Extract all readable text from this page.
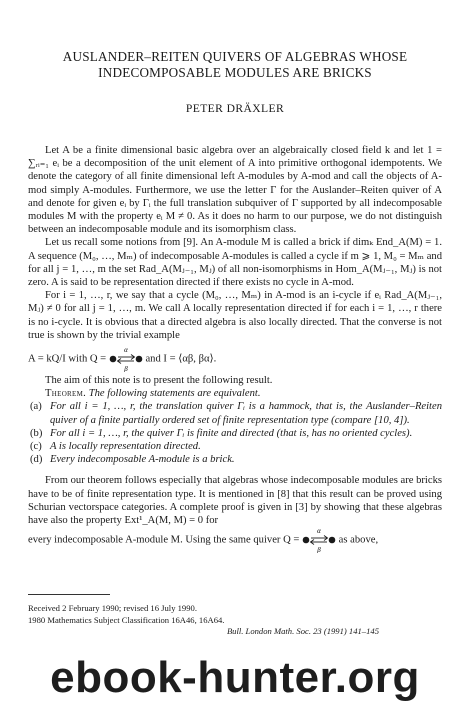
AUSLANDER–REITEN QUIVERS OF ALGEBRAS WHOSE
INDECOMPOSABLE MODULES ARE BRICKS
PETER DRÄXLER

Let A be a finite dimensional basic algebra over an algebraically closed field k and let 1 = ∑ᵣᵢ₌₁ eᵢ be a decomposition of the unit element of A into primitive orthogonal idempotents. We denote the category of all finite dimensional left A-modules by A-mod and call the objects of A-mod simply A-modules. Furthermore, we use the letter Γ for the Auslander–Reiten quiver of A and denote for given eᵢ by Γᵢ the full translation subquiver of Γ supported by all indecomposable modules M with the property eᵢ M ≠ 0. As it does no harm to our purpose, we do not distinguish between an indecomposable module and its isomorphism class.

Let us recall some notions from [9]. An A-module M is called a brick if dimₖ End_A(M) = 1. A sequence (M₀, …, Mₘ) of indecomposable A-modules is called a cycle if m ⩾ 1, M₀ = Mₘ and for all j = 1, …, m the set Rad_A(Mⱼ₋₁, Mⱼ) of all non-isomorphisms in Hom_A(Mⱼ₋₁, Mⱼ) is not zero. A is said to be representation directed if there exists no cycle in A-mod.

For i = 1, …, r, we say that a cycle (M₀, …, Mₘ) in A-mod is an i-cycle if eᵢ Rad_A(Mⱼ₋₁, Mⱼ) ≠ 0 for all j = 1, …, m. We call A locally representation directed if for each i = 1, …, r there is no i-cycle. It is obvious that a directed algebra is also locally directed. That the converse is not true is shown by the trivial example

A = kQ/I with Q =
α
β
and I = ⟨αβ, βα⟩.

The aim of this note is to present the following result.

Theorem. The following statements are equivalent.

(a) For all i = 1, …, r, the translation quiver Γᵢ is a hammock, that is, the Auslander–Reiten quiver of a finite partially ordered set of finite representation type (compare [10, 4]).
(b) For all i = 1, …, r, the quiver Γᵢ is finite and directed (that is, has no oriented cycles).
(c) A is locally representation directed.
(d) Every indecomposable A-module is a brick.

From our theorem follows especially that algebras whose indecomposable modules are bricks have to be of finite representation type. It is mentioned in [8] that this result can be proved using Schurian vectorspace categories. A complete proof is given in [3] by showing that these algebras have also the property Ext¹_A(M, M) = 0 for

every indecomposable A-module M. Using the same quiver Q =
α
β
as above,

Received 2 February 1990; revised 16 July 1990.
1980 Mathematics Subject Classification 16A46, 16A64.
Bull. London Math. Soc. 23 (1991) 141–145
ebook-hunter.org
